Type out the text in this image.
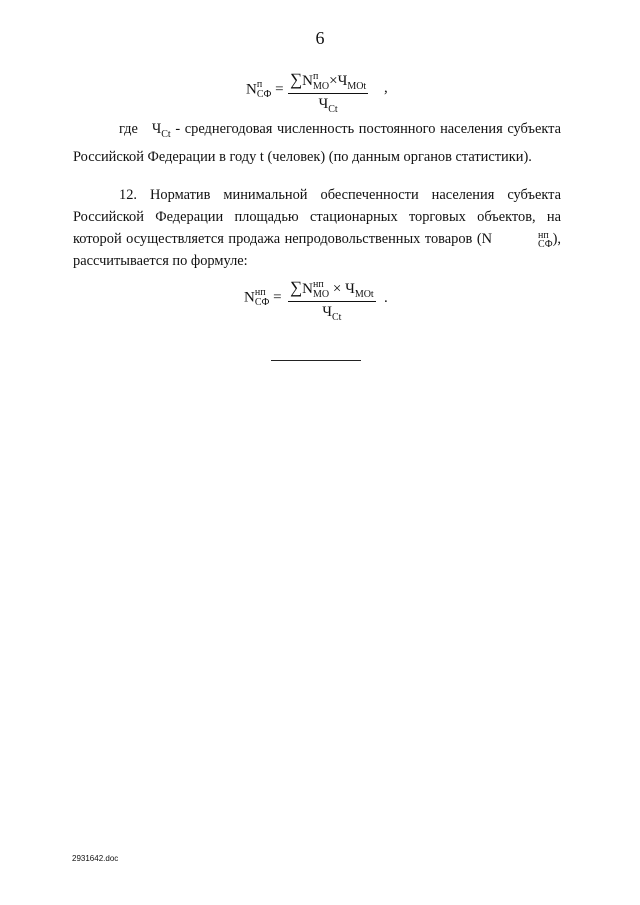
6
N п
СФ =
∑N п
МО $\times Ч_{МОt}$
$Ч_{Ct}$
,
где $Ч_{Ct}$ - среднегодовая численность постоянного населения субъекта Российской Федерации в году t (человек) (по данным органов статистики).
12. Норматив минимальной обеспеченности населения субъекта Российской Федерации площадью стационарных торговых объектов, на которой осуществляется продажа непродовольственных товаров (N	нп
СФ ), рассчитывается по формуле:
N нп
СФ =
∑N нп
МО × $Ч_{МОt}$
$Ч_{Ct}$
.
2931642.doc
